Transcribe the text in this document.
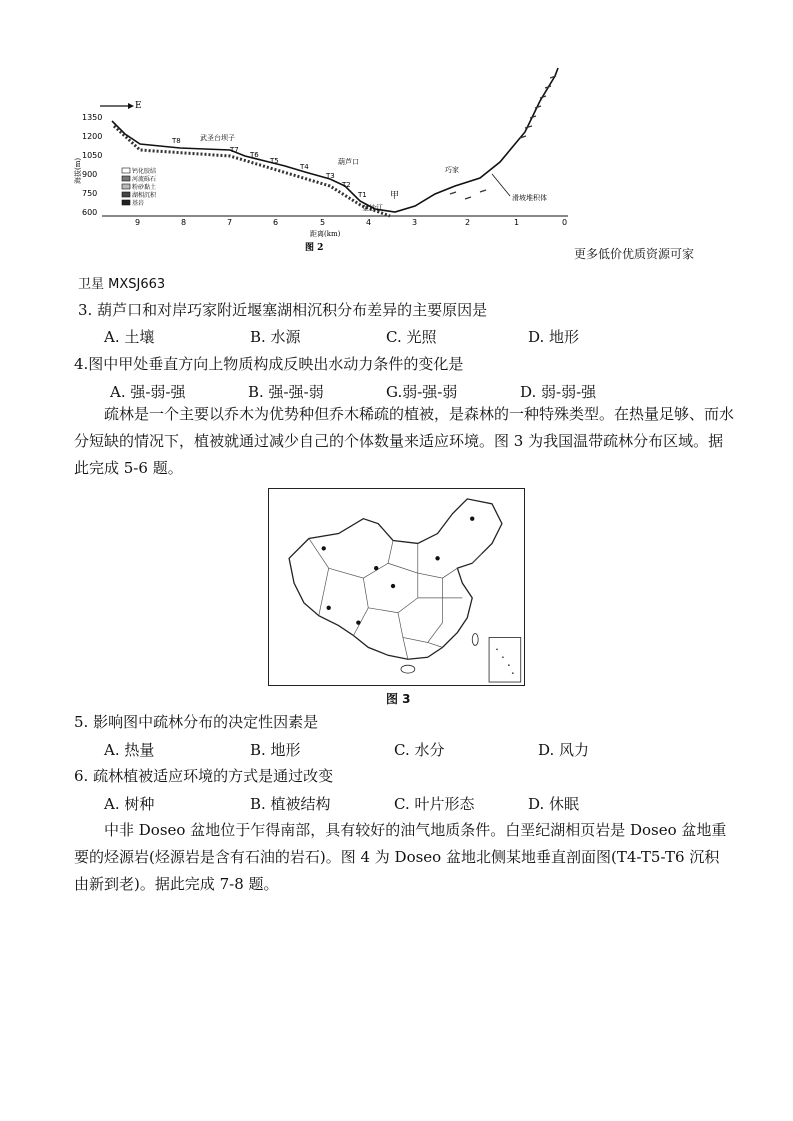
E
1350
1200
1050
900
750
600
海拔(m)
9	8	7	6	5	4	3	2	1	0
距离(km)
T8
T7
T6
T5
T4
T3
T2
T1
武圣台坝子
葫芦口
巧家
金沙江
甲	滑坡堆积体
钙化胶结
河流砾石
粉砂黏土
湖相沉积
基岩
图 2	更多低价优质资源可家
卫星 MXSJ663
3. 葫芦口和对岸巧家附近堰塞湖相沉积分布差异的主要原因是
A. 土壤	B. 水源	C. 光照	D. 地形
4.图中甲处垂直方向上物质构成反映出水动力条件的变化是
A. 强-弱-强	B. 强-强-弱	G.弱-强-弱	D. 弱-弱-强
疏林是一个主要以乔木为优势种但乔木稀疏的植被，是森林的一种特殊类型。在热量足够、而水分短缺的情况下，植被就通过减少自己的个体数量来适应环境。图 3 为我国温带疏林分布区域。据此完成 5-6 题。
图 3
5. 影响图中疏林分布的决定性因素是
A. 热量	B. 地形	C. 水分	D. 风力
6. 疏林植被适应环境的方式是通过改变
A. 树种	B. 植被结构	C. 叶片形态	D. 休眠
中非 Doseo 盆地位于乍得南部，具有较好的油气地质条件。白垩纪湖相页岩是 Doseo 盆地重要的烃源岩(烃源岩是含有石油的岩石)。图 4 为 Doseo 盆地北侧某地垂直剖面图(T4-T5-T6 沉积由新到老)。据此完成 7-8 题。
